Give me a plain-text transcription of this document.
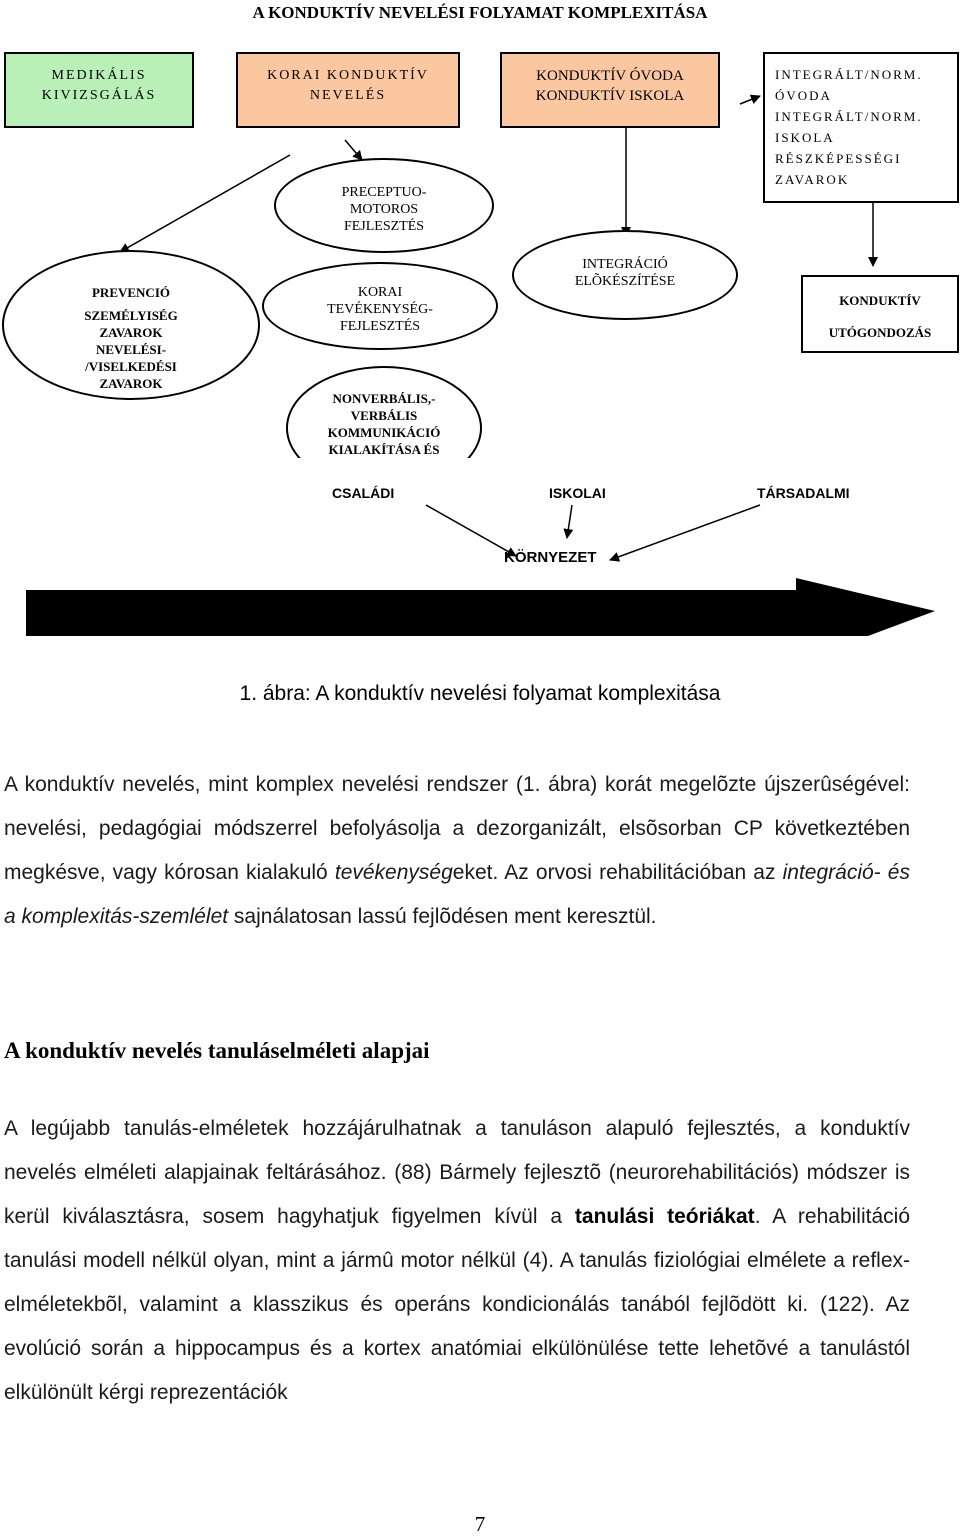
A KONDUKTÍV NEVELÉSI FOLYAMAT KOMPLEXITÁSA
MEDIKÁLIS
KIVIZSGÁLÁS
KORAI KONDUKTÍV
NEVELÉS
KONDUKTÍV ÓVODA
KONDUKTÍV ISKOLA
INTEGRÁLT/NORM.
ÓVODA
INTEGRÁLT/NORM.
ISKOLA
RÉSZKÉPESSÉGI
ZAVAROK
PRECEPTUO-
MOTOROS
FEJLESZTÉS
PREVENCIÓ
SZEMÉLYISÉG
ZAVAROK
NEVELÉSI-
/VISELKEDÉSI
ZAVAROK
KORAI
TEVÉKENYSÉG-
FEJLESZTÉS
NONVERBÁLIS,-
VERBÁLIS
KOMMUNIKÁCIÓ
KIALAKÍTÁSA ÉS
INTEGRÁCIÓ
ELÕKÉSZÍTÉSE
KONDUKTÍV
UTÓGONDOZÁS
CSALÁDI	ISKOLAI	TÁRSADALMI
KÖRNYEZET
1. ábra: A konduktív nevelési folyamat komplexitása
A konduktív nevelés, mint komplex nevelési rendszer (1. ábra) korát megelõzte újszerûségével: nevelési, pedagógiai módszerrel befolyásolja a dezorganizált, elsõsorban CP következtében megkésve, vagy kórosan kialakuló tevékenységeket. Az orvosi rehabilitációban az integráció- és a komplexitás-szemlélet sajnálatosan lassú fejlõdésen ment keresztül.
A konduktív nevelés tanuláselméleti alapjai
A legújabb tanulás-elméletek hozzájárulhatnak a tanuláson alapuló fejlesztés, a konduktív nevelés elméleti alapjainak feltárásához. (88) Bármely fejlesztõ (neurorehabilitációs) módszer is kerül kiválasztásra, sosem hagyhatjuk figyelmen kívül a tanulási teóriákat. A rehabilitáció tanulási modell nélkül olyan, mint a jármû motor nélkül (4). A tanulás fiziológiai elmélete a reflex-elméletekbõl, valamint a klasszikus és operáns kondicionálás tanából fejlõdött ki. (122). Az evolúció során a hippocampus és a kortex anatómiai elkülönülése tette lehetõvé a tanulástól elkülönült kérgi reprezentációk
7
